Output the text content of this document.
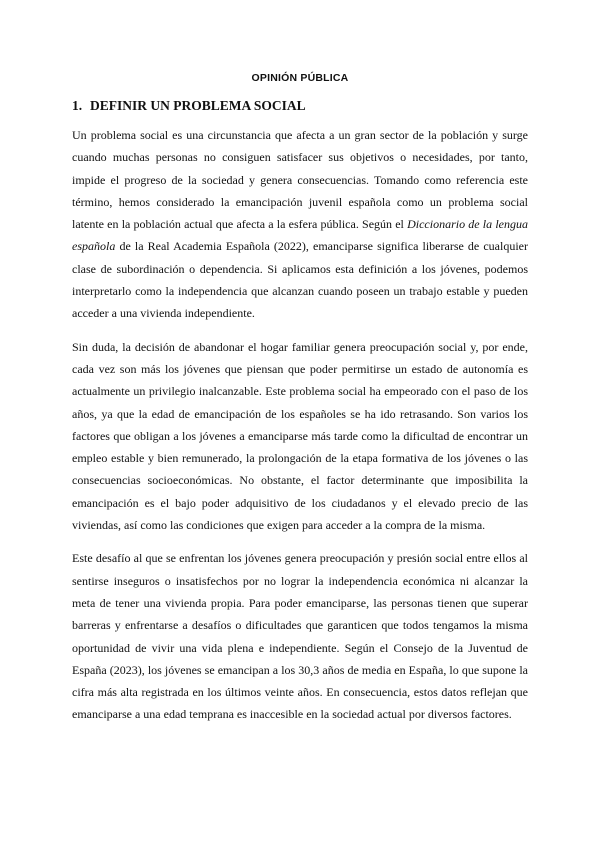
OPINIÓN PÚBLICA
1. DEFINIR UN PROBLEMA SOCIAL

Un problema social es una circunstancia que afecta a un gran sector de la población y surge cuando muchas personas no consiguen satisfacer sus objetivos o necesidades, por tanto, impide el progreso de la sociedad y genera consecuencias. Tomando como referencia este término, hemos considerado la emancipación juvenil española como un problema social latente en la población actual que afecta a la esfera pública. Según el Diccionario de la lengua española de la Real Academia Española (2022), emanciparse significa liberarse de cualquier clase de subordinación o dependencia. Si aplicamos esta definición a los jóvenes, podemos interpretarlo como la independencia que alcanzan cuando poseen un trabajo estable y pueden acceder a una vivienda independiente.

Sin duda, la decisión de abandonar el hogar familiar genera preocupación social y, por ende, cada vez son más los jóvenes que piensan que poder permitirse un estado de autonomía es actualmente un privilegio inalcanzable. Este problema social ha empeorado con el paso de los años, ya que la edad de emancipación de los españoles se ha ido retrasando. Son varios los factores que obligan a los jóvenes a emanciparse más tarde como la dificultad de encontrar un empleo estable y bien remunerado, la prolongación de la etapa formativa de los jóvenes o las consecuencias socioeconómicas. No obstante, el factor determinante que imposibilita la emancipación es el bajo poder adquisitivo de los ciudadanos y el elevado precio de las viviendas, así como las condiciones que exigen para acceder a la compra de la misma.

Este desafío al que se enfrentan los jóvenes genera preocupación y presión social entre ellos al sentirse inseguros o insatisfechos por no lograr la independencia económica ni alcanzar la meta de tener una vivienda propia. Para poder emanciparse, las personas tienen que superar barreras y enfrentarse a desafíos o dificultades que garanticen que todos tengamos la misma oportunidad de vivir una vida plena e independiente. Según el Consejo de la Juventud de España (2023), los jóvenes se emancipan a los 30,3 años de media en España, lo que supone la cifra más alta registrada en los últimos veinte años. En consecuencia, estos datos reflejan que emanciparse a una edad temprana es inaccesible en la sociedad actual por diversos factores.
